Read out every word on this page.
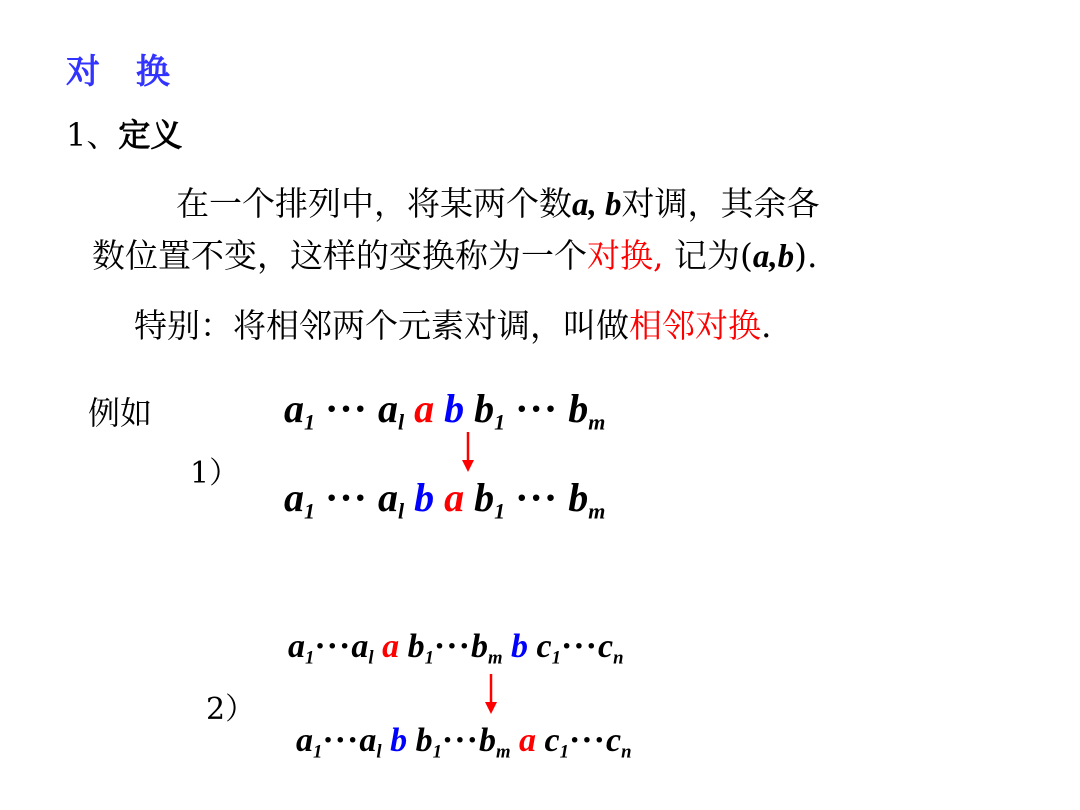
对 换
1、定义
在一个排列中，将某两个数a, b对调，其余各
数位置不变，这样的变换称为一个对换, 记为(a,b).
特别：将相邻两个元素对调，叫做相邻对换.
例如
1）
$a_1$ ··· $a_l$ a b $b_1$ ··· $b_m$
$a_1$ ··· $a_l$ b a $b_1$ ··· $b_m$
$a_1\cdot\cdot\cdot a_l$ a $b_1\cdot\cdot\cdot b_m$ b $c_1\cdot\cdot\cdot c_n$
2）
$a_1\cdot\cdot\cdot a_l$ b $b_1\cdot\cdot\cdot b_m$ a $c_1\cdot\cdot\cdot c_n$
